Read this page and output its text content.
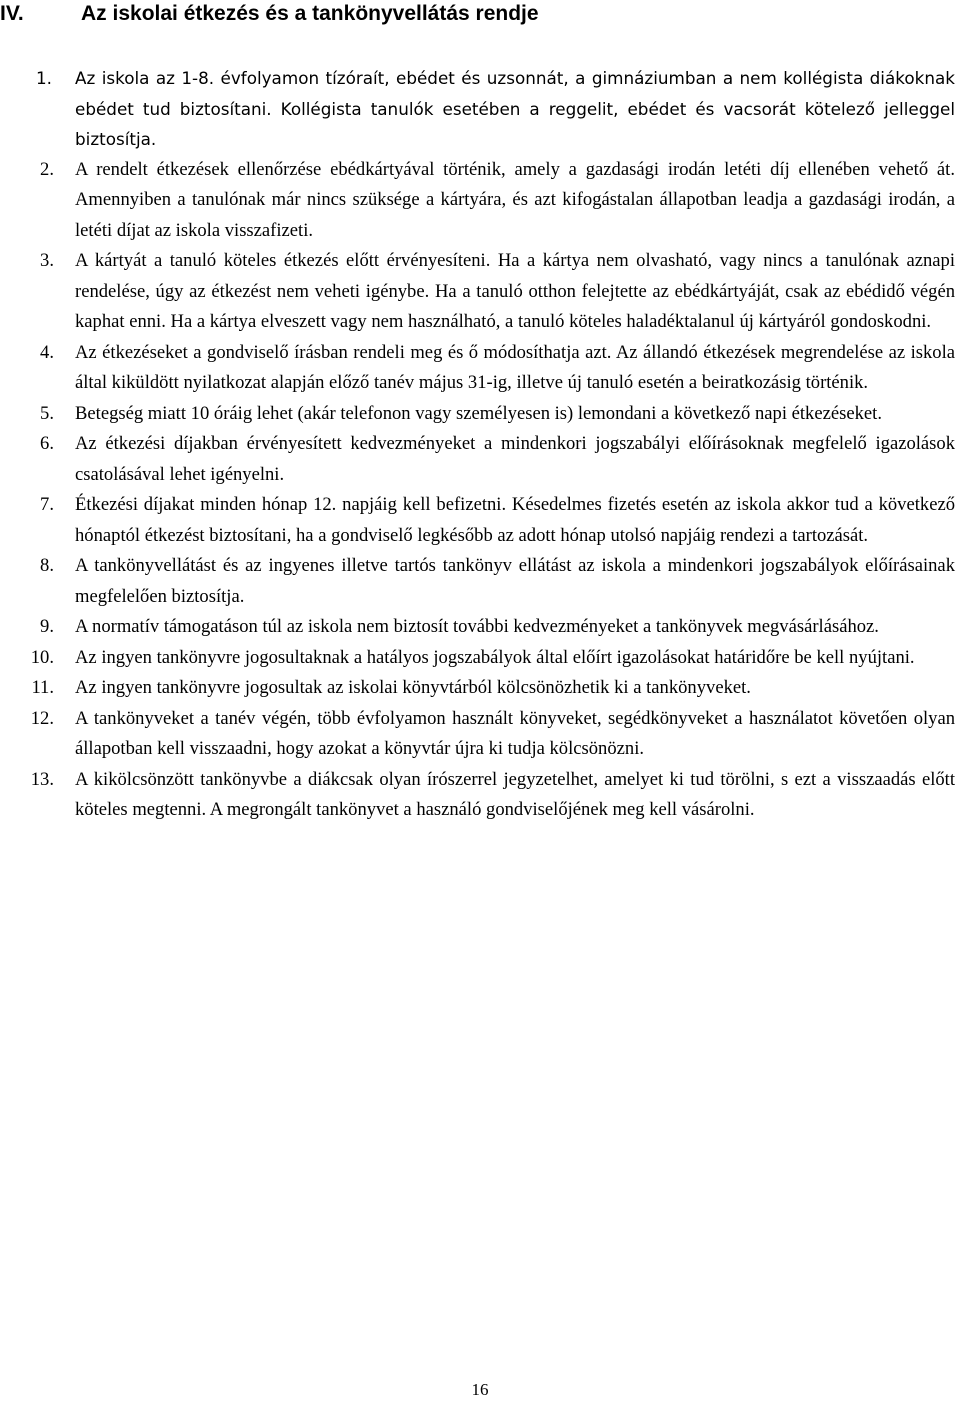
IV.	Az iskolai étkezés és a tankönyvellátás rendje
1. Az iskola az 1-8. évfolyamon tízóraít, ebédet és uzsonnát, a gimnáziumban a nem kollégista diákoknak ebédet tud biztosítani. Kollégista tanulók esetében a reggelit, ebédet és vacsorát kötelező jelleggel biztosítja.

2. A rendelt étkezések ellenőrzése ebédkártyával történik, amely a gazdasági irodán letéti díj ellenében vehető át. Amennyiben a tanulónak már nincs szüksége a kártyára, és azt kifogástalan állapotban leadja a gazdasági irodán, a letéti díjat az iskola visszafizeti.

3. A kártyát a tanuló köteles étkezés előtt érvényesíteni. Ha a kártya nem olvasható, vagy nincs a tanulónak aznapi rendelése, úgy az étkezést nem veheti igénybe. Ha a tanuló otthon felejtette az ebédkártyáját, csak az ebédidő végén kaphat enni. Ha a kártya elveszett vagy nem használható, a tanuló köteles haladéktalanul új kártyáról gondoskodni.

4. Az étkezéseket a gondviselő írásban rendeli meg és ő módosíthatja azt. Az állandó étkezések megrendelése az iskola által kiküldött nyilatkozat alapján előző tanév május 31-ig, illetve új tanuló esetén a beiratkozásig történik.

5. Betegség miatt 10 óráig lehet (akár telefonon vagy személyesen is) lemondani a következő napi étkezéseket.

6. Az étkezési díjakban érvényesített kedvezményeket a mindenkori jogszabályi előírásoknak megfelelő igazolások csatolásával lehet igényelni.

7. Étkezési díjakat minden hónap 12. napjáig kell befizetni. Késedelmes fizetés esetén az iskola akkor tud a következő hónaptól étkezést biztosítani, ha a gondviselő legkésőbb az adott hónap utolsó napjáig rendezi a tartozását.

8. A tankönyvellátást és az ingyenes illetve tartós tankönyv ellátást az iskola a mindenkori jogszabályok előírásainak megfelelően biztosítja.

9. A normatív támogatáson túl az iskola nem biztosít további kedvezményeket a tankönyvek megvásárlásához.

10. Az ingyen tankönyvre jogosultaknak a hatályos jogszabályok által előírt igazolásokat határidőre be kell nyújtani.

11. Az ingyen tankönyvre jogosultak az iskolai könyvtárból kölcsönözhetik ki a tankönyveket.

12. A tankönyveket a tanév végén, több évfolyamon használt könyveket, segédkönyveket a használatot követően olyan állapotban kell visszaadni, hogy azokat a könyvtár újra ki tudja kölcsönözni.

13. A kikölcsönzött tankönyvbe a diákcsak olyan írószerrel jegyzetelhet, amelyet ki tud törölni, s ezt a visszaadás előtt köteles megtenni. A megrongált tankönyvet a használó gondviselőjének meg kell vásárolni.

16
